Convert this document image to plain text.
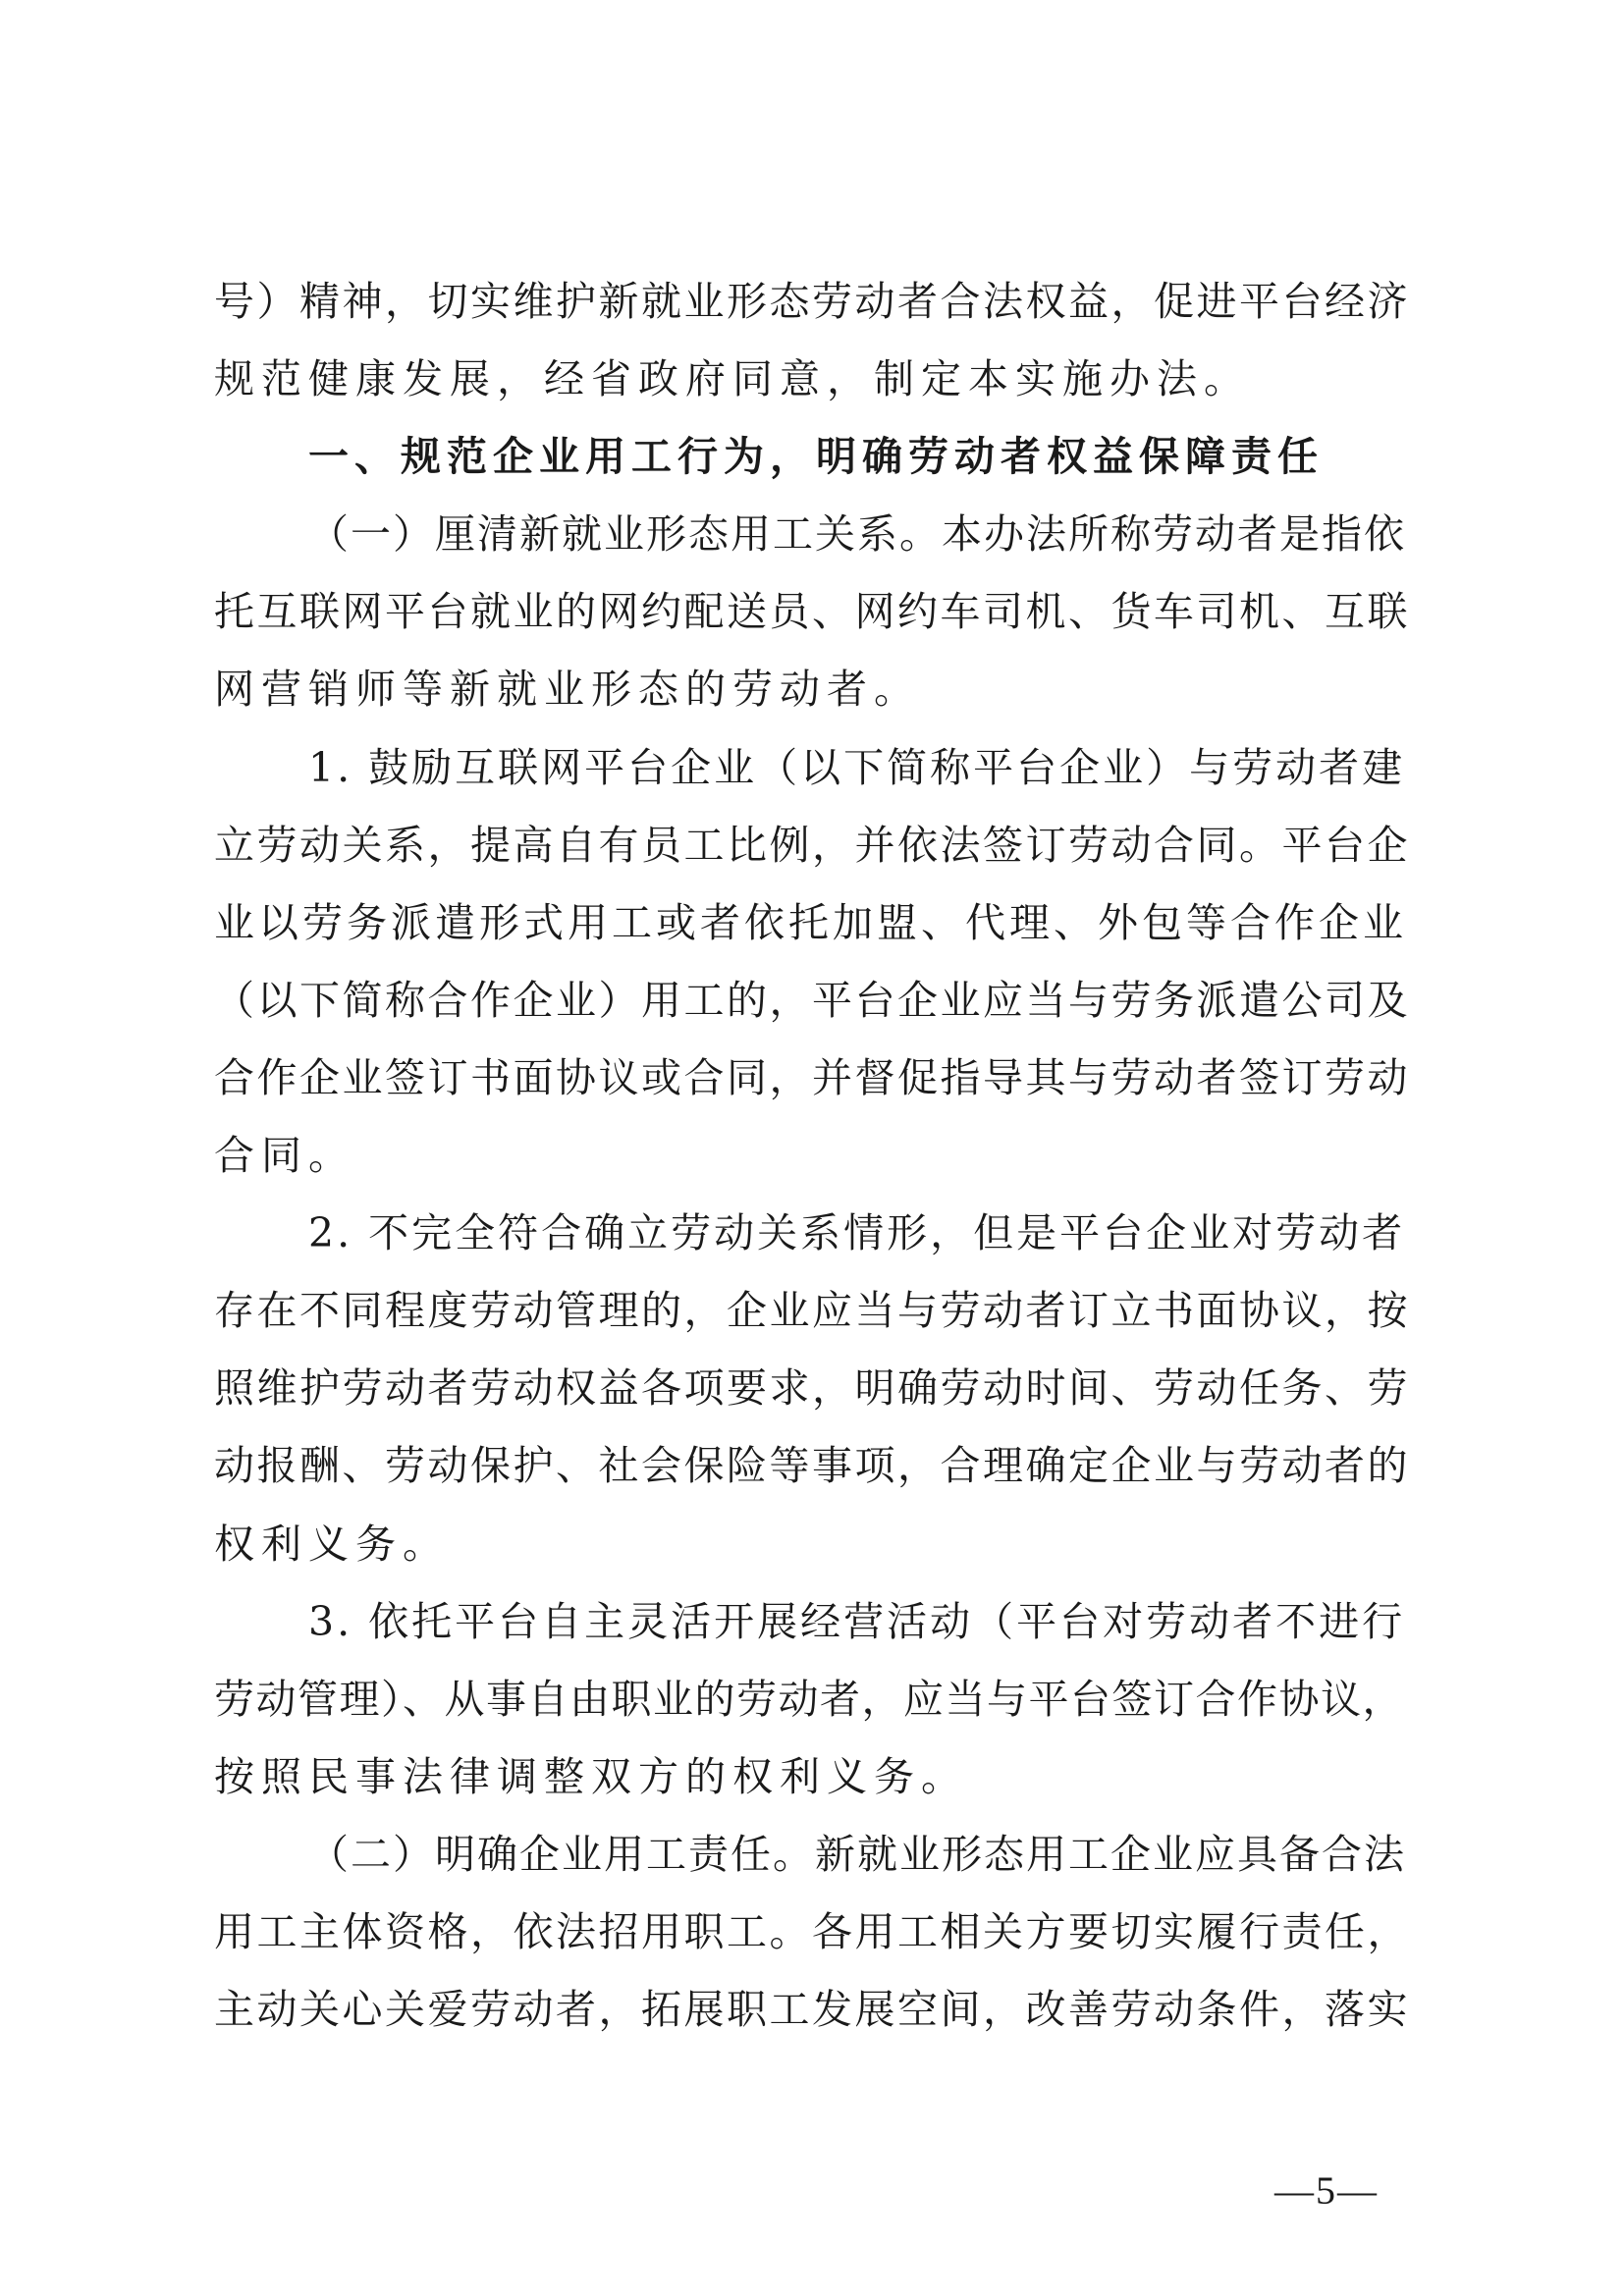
号）精神，切实维护新就业形态劳动者合法权益，促进平台经济
规范健康发展，经省政府同意，制定本实施办法。
一、规范企业用工行为，明确劳动者权益保障责任
（一）厘清新就业形态用工关系。本办法所称劳动者是指依
托互联网平台就业的网约配送员、网约车司机、货车司机、互联
网营销师等新就业形态的劳动者。
1. 鼓励互联网平台企业（以下简称平台企业）与劳动者建
立劳动关系，提高自有员工比例，并依法签订劳动合同。平台企
业以劳务派遣形式用工或者依托加盟、代理、外包等合作企业
（以下简称合作企业）用工的，平台企业应当与劳务派遣公司及
合作企业签订书面协议或合同，并督促指导其与劳动者签订劳动
合同。
2. 不完全符合确立劳动关系情形，但是平台企业对劳动者
存在不同程度劳动管理的，企业应当与劳动者订立书面协议，按
照维护劳动者劳动权益各项要求，明确劳动时间、劳动任务、劳
动报酬、劳动保护、社会保险等事项，合理确定企业与劳动者的
权利义务。
3. 依托平台自主灵活开展经营活动（平台对劳动者不进行
劳动管理）、从事自由职业的劳动者，应当与平台签订合作协议，
按照民事法律调整双方的权利义务。
（二）明确企业用工责任。新就业形态用工企业应具备合法
用工主体资格，依法招用职工。各用工相关方要切实履行责任，
主动关心关爱劳动者，拓展职工发展空间，改善劳动条件，落实
—5—
